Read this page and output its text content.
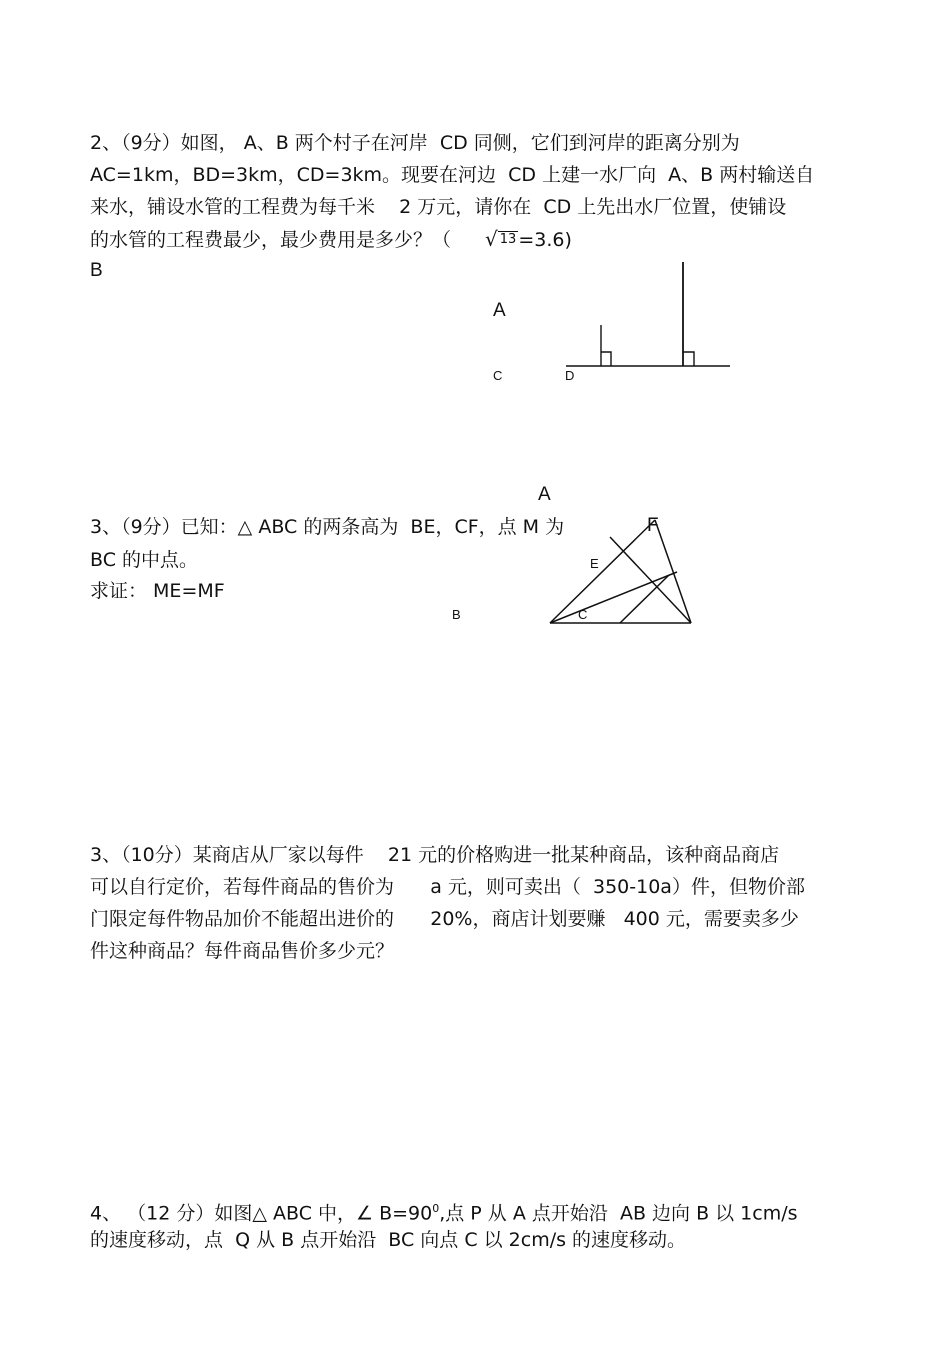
2、（9分）如图， A、B 两个村子在河岸  CD 同侧，它们到河岸的距离分别为

AC=1km，BD=3km，CD=3km。现要在河边  CD 上建一水厂向  A、B 两村输送自

来水，铺设水管的工程费为每千米    2 万元，请你在  CD 上先出水厂位置，使铺设

的水管的工程费最少，最少费用是多少？（ √ 13 =3.6)

B
A
C	D
A

3、（9分）已知：△ ABC 的两条高为  BE，CF，点 M 为	F

BC 的中点。	E

求证： ME=MF

B	C

3、（10分）某商店从厂家以每件    21 元的价格购进一批某种商品，该种商品商店

可以自行定价，若每件商品的售价为      a 元，则可卖出（  350-10a）件，但物价部

门限定每件物品加价不能超出进价的      20%，商店计划要赚   400 元，需要卖多少

件这种商品？每件商品售价多少元？

4、 （12 分）如图△ ABC 中，∠ $B=90^0$,点 P 从 A 点开始沿  AB 边向 B 以 1cm/s

的速度移动，点  Q 从 B 点开始沿  BC 向点 C 以 2cm/s 的速度移动。
